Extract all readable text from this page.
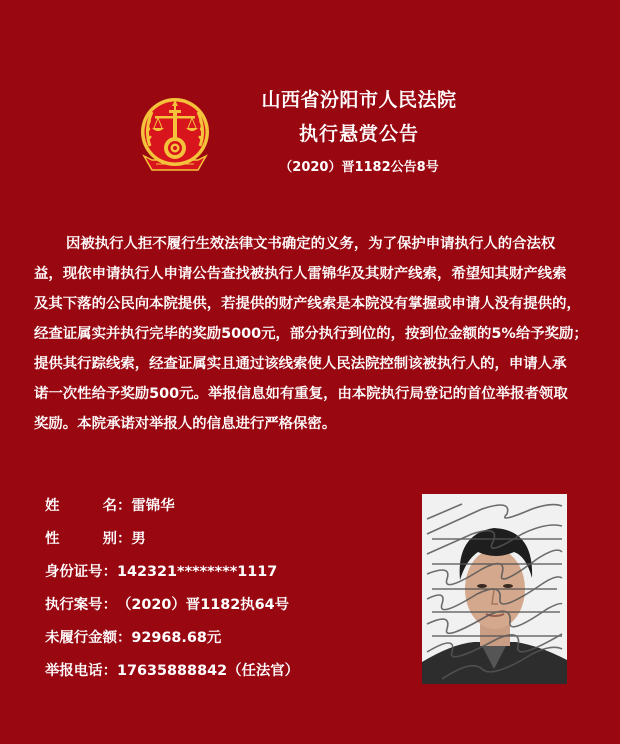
山西省汾阳市人民法院
执行悬赏公告
（2020）晋1182公告8号
因被执行人拒不履行生效法律文书确定的义务，为了保护申请执行人的合法权
益，现依申请执行人申请公告查找被执行人雷锦华及其财产线索，希望知其财产线索
及其下落的公民向本院提供，若提供的财产线索是本院没有掌握或申请人没有提供的，
经查证属实并执行完毕的奖励5000元，部分执行到位的，按到位金额的5%给予奖励；
提供其行踪线索，经查证属实且通过该线索使人民法院控制该被执行人的，申请人承
诺一次性给予奖励500元。举报信息如有重复，由本院执行局登记的首位举报者领取
奖励。本院承诺对举报人的信息进行严格保密。
姓	名 ： 雷锦华
性	别 ： 男
身份证号： 142321********1117
执行案号： （2020）晋1182执64号
未履行金额： 92968.68元
举报电话： 17635888842（任法官）
